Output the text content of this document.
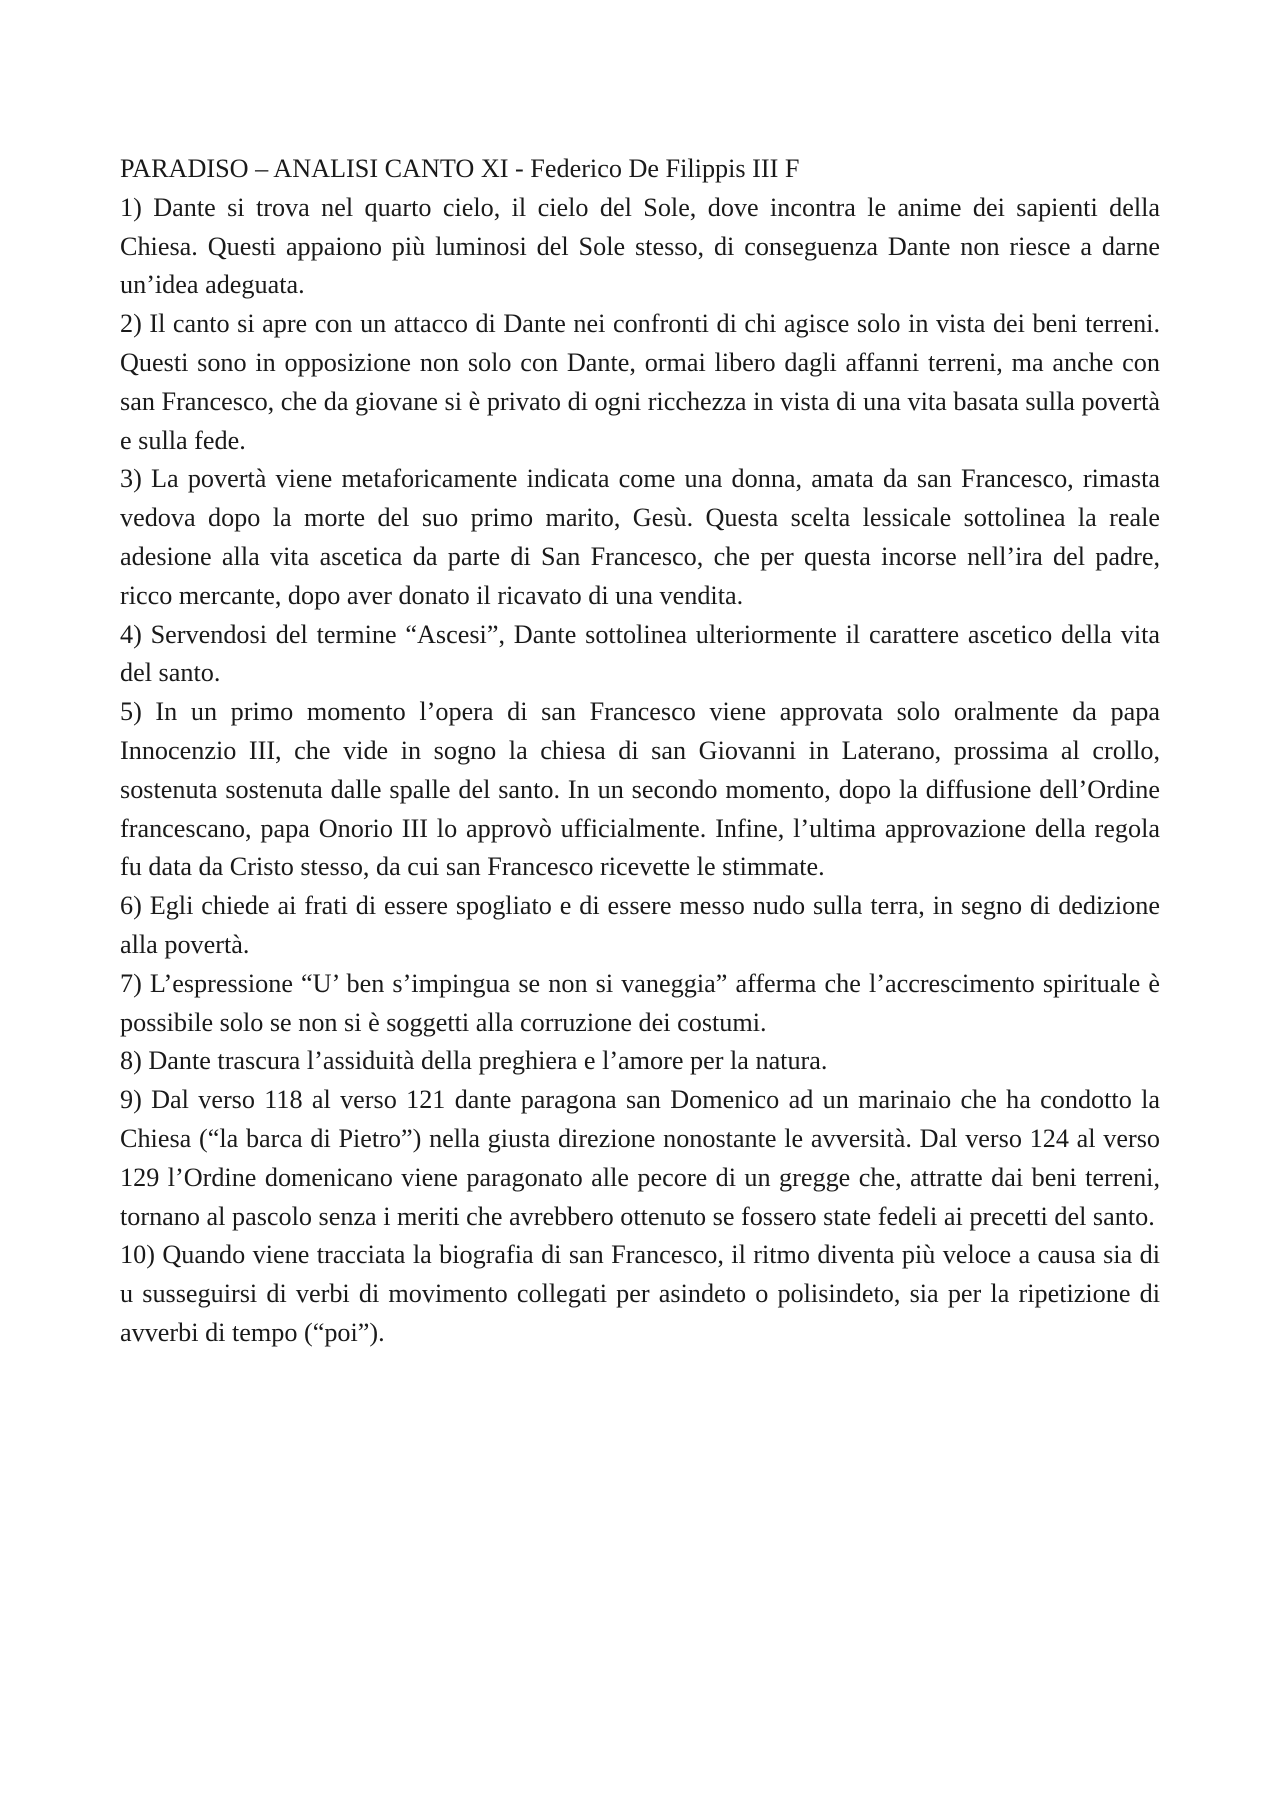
PARADISO – ANALISI CANTO XI - Federico De Filippis III F

1) Dante si trova nel quarto cielo, il cielo del Sole, dove incontra le anime dei sapienti della Chiesa. Questi appaiono più luminosi del Sole stesso, di conseguenza Dante non riesce a darne un’idea adeguata.

2) Il canto si apre con un attacco di Dante nei confronti di chi agisce solo in vista dei beni terreni. Questi sono in opposizione non solo con Dante, ormai libero dagli affanni terreni, ma anche con san Francesco, che da giovane si è privato di ogni ricchezza in vista di una vita basata sulla povertà e sulla fede.

3) La povertà viene metaforicamente indicata come una donna, amata da san Francesco, rimasta vedova dopo la morte del suo primo marito, Gesù. Questa scelta lessicale sottolinea la reale adesione alla vita ascetica da parte di San Francesco, che per questa incorse nell’ira del padre, ricco mercante, dopo aver donato il ricavato di una vendita.

4) Servendosi del termine “Ascesi”, Dante sottolinea ulteriormente il carattere ascetico della vita del santo.

5) In un primo momento l’opera di san Francesco viene approvata solo oralmente da papa Innocenzio III, che vide in sogno la chiesa di san Giovanni in Laterano, prossima al crollo, sostenuta sostenuta dalle spalle del santo. In un secondo momento, dopo la diffusione dell’Ordine francescano, papa Onorio III lo approvò ufficialmente. Infine, l’ultima approvazione della regola fu data da Cristo stesso, da cui san Francesco ricevette le stimmate.

6) Egli chiede ai frati di essere spogliato e di essere messo nudo sulla terra, in segno di dedizione alla povertà.

7) L’espressione “U’ ben s’impingua se non si vaneggia” afferma che l’accrescimento spirituale è possibile solo se non si è soggetti alla corruzione dei costumi.

8) Dante trascura l’assiduità della preghiera e l’amore per la natura.

9) Dal verso 118 al verso 121 dante paragona san Domenico ad un marinaio che ha condotto la Chiesa (“la barca di Pietro”) nella giusta direzione nonostante le avversità. Dal verso 124 al verso 129 l’Ordine domenicano viene paragonato alle pecore di un gregge che, attratte dai beni terreni, tornano al pascolo senza i meriti che avrebbero ottenuto se fossero state fedeli ai precetti del santo.

10) Quando viene tracciata la biografia di san Francesco, il ritmo diventa più veloce a causa sia di u susseguirsi di verbi di movimento collegati per asindeto o polisindeto, sia per la ripetizione di avverbi di tempo (“poi”).
